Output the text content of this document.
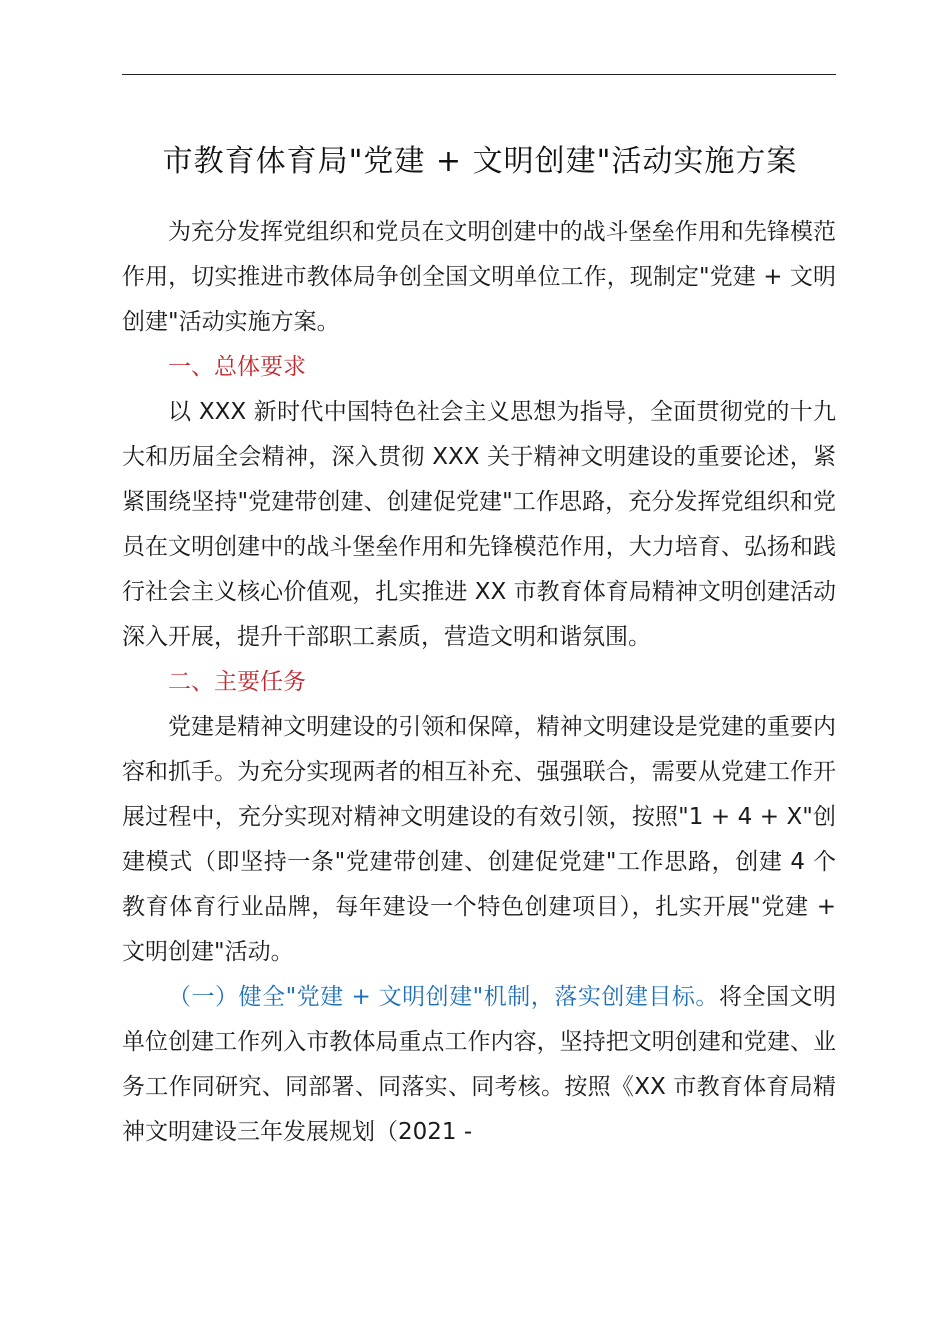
市教育体育局"党建 + 文明创建"活动实施方案

为充分发挥党组织和党员在文明创建中的战斗堡垒作用和先锋模范作用，切实推进市教体局争创全国文明单位工作，现制定"党建 + 文明创建"活动实施方案。

一、总体要求

以 XXX 新时代中国特色社会主义思想为指导，全面贯彻党的十九大和历届全会精神，深入贯彻 XXX 关于精神文明建设的重要论述，紧紧围绕坚持"党建带创建、创建促党建"工作思路，充分发挥党组织和党员在文明创建中的战斗堡垒作用和先锋模范作用，大力培育、弘扬和践行社会主义核心价值观，扎实推进 XX 市教育体育局精神文明创建活动深入开展，提升干部职工素质，营造文明和谐氛围。

二、主要任务

党建是精神文明建设的引领和保障，精神文明建设是党建的重要内容和抓手。为充分实现两者的相互补充、强强联合，需要从党建工作开展过程中，充分实现对精神文明建设的有效引领，按照"1 + 4 + X"创建模式（即坚持一条"党建带创建、创建促党建"工作思路，创建 4 个教育体育行业品牌，每年建设一个特色创建项目），扎实开展"党建 + 文明创建"活动。

（一）健全"党建 + 文明创建"机制，落实创建目标。将全国文明单位创建工作列入市教体局重点工作内容，坚持把文明创建和党建、业务工作同研究、同部署、同落实、同考核。按照《XX 市教育体育局精神文明建设三年发展规划（2021 -
